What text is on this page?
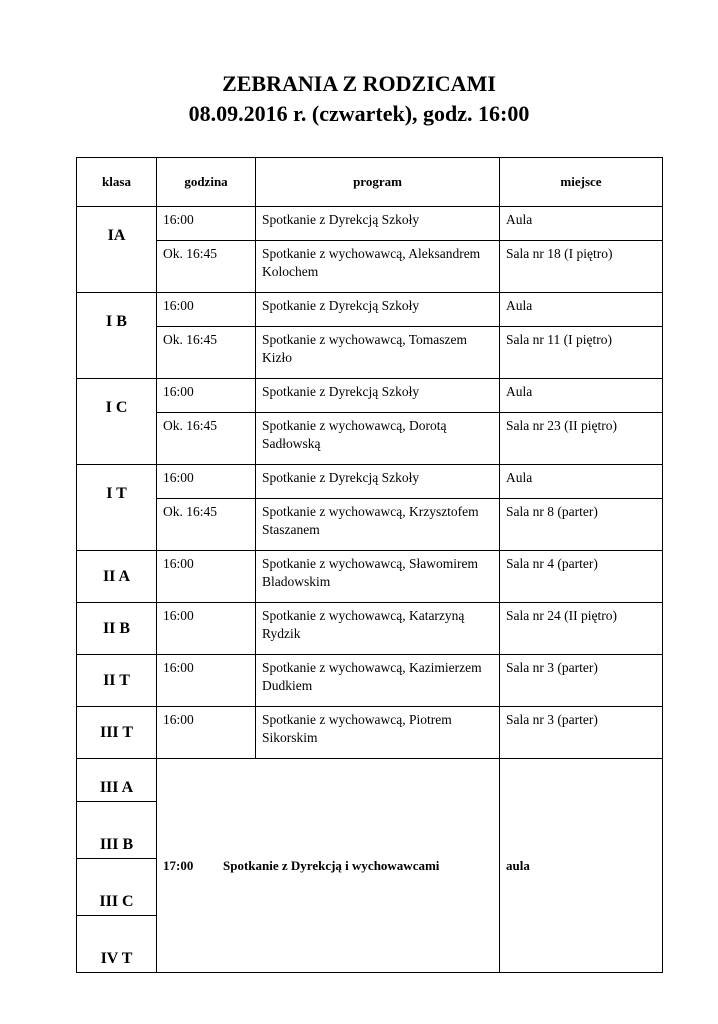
ZEBRANIA Z RODZICAMI
08.09.2016 r. (czwartek), godz. 16:00
klasa	godzina	program	miejsce
IA	16:00	Spotkanie z Dyrekcją Szkoły	Aula
	Ok. 16:45	Spotkanie z wychowawcą, Aleksandrem Kolochem	Sala nr 18 (I piętro)
I B	16:00	Spotkanie z Dyrekcją Szkoły	Aula
	Ok. 16:45	Spotkanie z wychowawcą, Tomaszem Kizło	Sala nr 11 (I piętro)
I C	16:00	Spotkanie z Dyrekcją Szkoły	Aula
	Ok. 16:45	Spotkanie z wychowawcą, Dorotą Sadłowską	Sala nr 23 (II piętro)
I T	16:00	Spotkanie z Dyrekcją Szkoły	Aula
	Ok. 16:45	Spotkanie z wychowawcą, Krzysztofem Staszanem	Sala nr 8 (parter)
II A	16:00	Spotkanie z wychowawcą, Sławomirem Bladowskim	Sala nr 4 (parter)
II B	16:00	Spotkanie z wychowawcą, Katarzyną Rydzik	Sala nr 24 (II piętro)
II T	16:00	Spotkanie z wychowawcą, Kazimierzem Dudkiem	Sala nr 3 (parter)
III T	16:00	Spotkanie z wychowawcą, Piotrem Sikorskim	Sala nr 3 (parter)
III A	17:00 Spotkanie z Dyrekcją i wychowawcami		aula
III B			
III C			
IV T			
